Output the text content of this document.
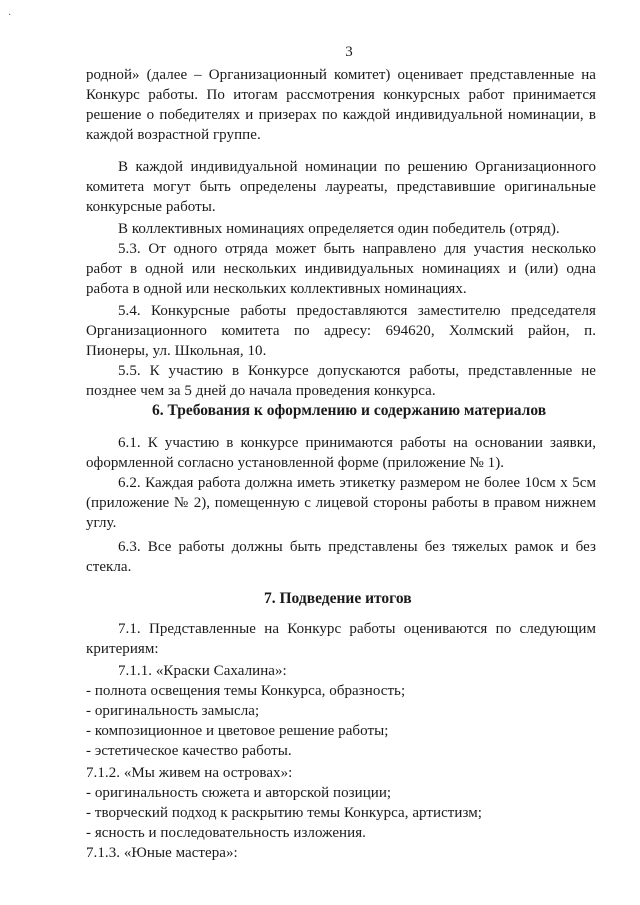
·
3
родной» (далее – Организационный комитет) оценивает представленные на
Конкурс работы. По итогам рассмотрения конкурсных работ принимается
решение о победителях и призерах по каждой индивидуальной номинации, в
каждой возрастной группе.
В каждой индивидуальной номинации по решению Организационного
комитета могут быть определены лауреаты, представившие оригинальные
конкурсные работы.
В коллективных номинациях определяется один победитель (отряд).
5.3. От одного отряда может быть направлено для участия несколько
работ в одной или нескольких индивидуальных номинациях и (или) одна
работа в одной или нескольких коллективных номинациях.
5.4. Конкурсные работы предоставляются заместителю председателя
Организационного комитета по адресу: 694620, Холмский район, п.
Пионеры, ул. Школьная, 10.
5.5. К участию в Конкурсе допускаются работы, представленные не
позднее чем за 5 дней до начала проведения конкурса.
6. Требования к оформлению и содержанию материалов
6.1. К участию в конкурсе принимаются работы на основании заявки,
оформленной согласно установленной форме (приложение № 1).
6.2. Каждая работа должна иметь этикетку размером не более 10см х 5см
(приложение № 2), помещенную с лицевой стороны работы в правом нижнем
углу.
6.3. Все работы должны быть представлены без тяжелых рамок и без
стекла.
7. Подведение итогов
7.1. Представленные на Конкурс работы оцениваются по следующим
критериям:
7.1.1. «Краски Сахалина»:
- полнота освещения темы Конкурса, образность;
- оригинальность замысла;
- композиционное и цветовое решение работы;
- эстетическое качество работы.
7.1.2. «Мы живем на островах»:
- оригинальность сюжета и авторской позиции;
- творческий подход к раскрытию темы Конкурса, артистизм;
- ясность и последовательность изложения.
7.1.3. «Юные мастера»:
